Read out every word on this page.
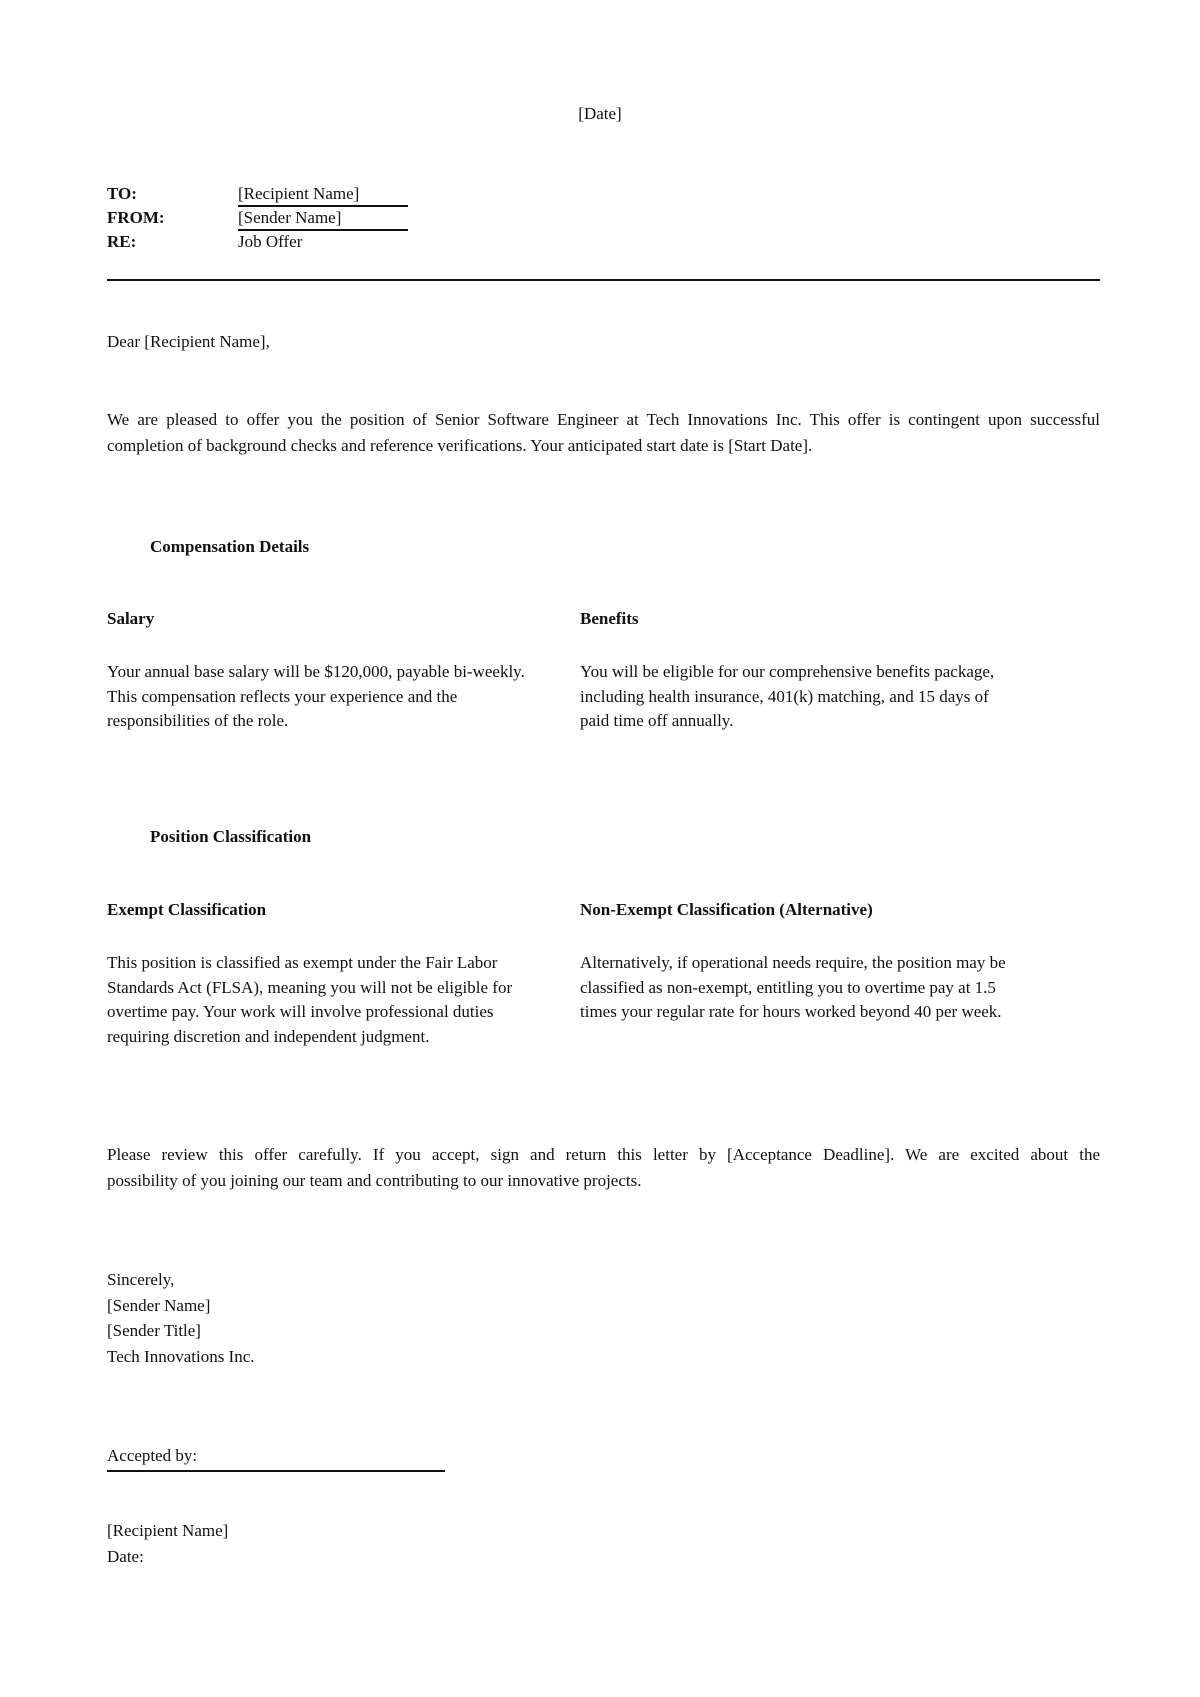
[Date]
TO:	[Recipient Name]
FROM:	[Sender Name]
RE:	Job Offer
Dear [Recipient Name],
We are pleased to offer you the position of Senior Software Engineer at Tech Innovations Inc. This offer is contingent upon successful
completion of background checks and reference verifications. Your anticipated start date is [Start Date].
Compensation Details

Salary

Your annual base salary will be $120,000, payable bi-weekly.
This compensation reflects your experience and the
responsibilities of the role.

Benefits

You will be eligible for our comprehensive benefits package,
including health insurance, 401(k) matching, and 15 days of
paid time off annually.
Position Classification

Exempt Classification

This position is classified as exempt under the Fair Labor
Standards Act (FLSA), meaning you will not be eligible for
overtime pay. Your work will involve professional duties
requiring discretion and independent judgment.

Non-Exempt Classification (Alternative)

Alternatively, if operational needs require, the position may be
classified as non-exempt, entitling you to overtime pay at 1.5
times your regular rate for hours worked beyond 40 per week.
Please review this offer carefully. If you accept, sign and return this letter by [Acceptance Deadline]. We are excited about the
possibility of you joining our team and contributing to our innovative projects.
Sincerely,
[Sender Name]
[Sender Title]
Tech Innovations Inc.
Accepted by:
[Recipient Name]
Date:
